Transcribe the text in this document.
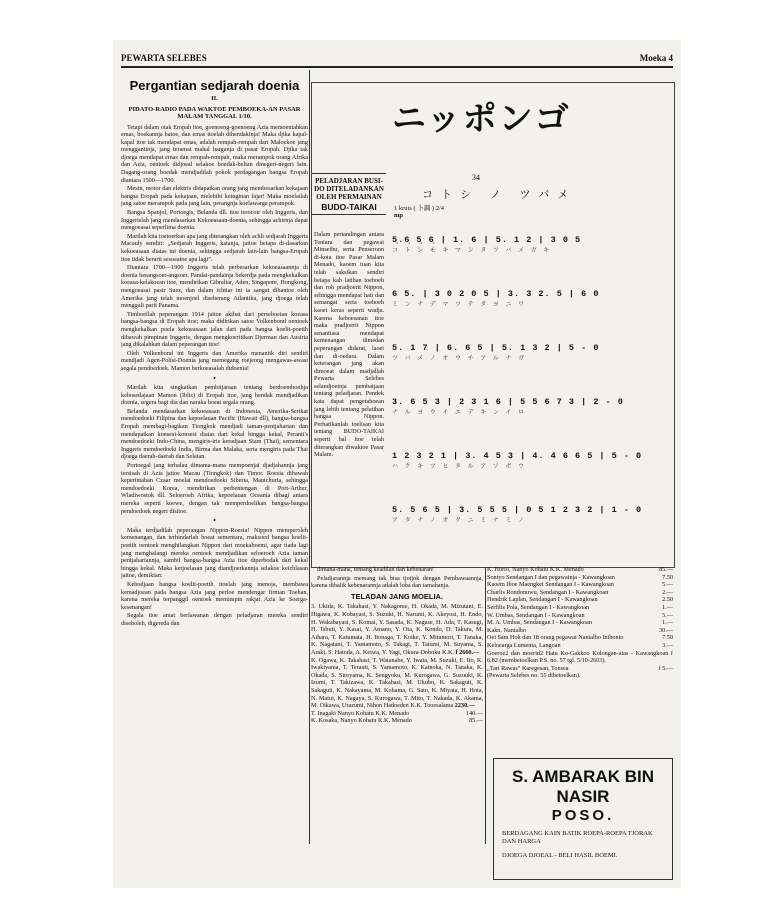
PEWARTA SELEBES	Moeka 4
Pergantian sedjarah doenia
II.
PIDATO-RADIO PADA WAKTOE PEMBOEKA-AN PASAR MALAM TANGGAL 1/10.

Tetapi dalam otak Eropah itoe, goenoeng-goenoeng Azia memoentahkan emas, boekannja batoe, dan emas itoelah dihendakinja! Maka djika kapal-kapal itoe tak mendapat emas, adalah rempah-rempah dari Maloekoe jang menggantinja, jang teramat mahal harganja di pasar Eropah. Djika tak djoega mendapat emas dan rempah-rempah, maka merampok orang Afrika dan Azia, oentoek didjoeal selakoe boedak-belian dinegeri-negeri lain. Dagang-orang boedak mendjadilah pokok perdagangan bangsa Eropah diantara 1500—1700.

Mesin, motor dan elektris didapatkan orang jang membesarkan kekajaan bangsa Eropah pada kekajaan, melebihi keinginan fajar! Maka moelailah jang satoe merampok pada jang lain, perangnja koelawarga perampok.

Bangsa Spanjol, Portoegis, Belanda dll. itoe terocoir oleh Inggeris, dan Inggerislah jang mendasarkan Kekoeasaan-doenia, sehingga achirnja dapat mengoeasai seperlima doenia.

Marilah kita toetoerkan apa jang diterangkan oleh achli sedjarah Inggeris Macauly sendiri: „Sedjarah Inggeris, katanja, jaitoe betapa di-dasarkan kekoeasaan diatas ini doenia, sehingga sedjarah lain-lain bangsa-Eropah itoe tidak berarti sesoeatoe apa lagi”.

Diantara 1700—1900 Inggeris telah perbesarkan kekoeasaannja di doenia berangsoer-angsoer. Pandai-pandainja bekerdja pada mengkekalkan koeasa-kelakoean itoe, mendirikan Gibraltar, Aden, Singapore, Hongkong, mengoeasai pasir Suez, dan dalam ichtiar ini ia sangat dibantoe oleh Amerika jang telah moenjoel diseberang Atlantika, jang djoega telah menggali parit Panama.

Timboellah peperangan 1914 jaitoe akibat dari perseboetan koeasa bangsa-bangsa di Eropah itoe; maka didirikan satoe Volkenbond oentoek mengkekalkan poela kekoeasaan jalan dari pada bangsa koelit-poetih dibawah pimpinan Inggeris, dengan mengkoeritikan Djerman dan Austria jang dikalahkan dalam peperangan itoe!

Oleh Volkenbond ini Inggeris dan Amerika menantik diri sendiri mendjadi Agen-Polisi-Doenia jang memegang roejeong mengawas-awasi segala pendoedoek. Mamon berkoeasalah didoenia!

•

Marilah kita singkatkan pembitjaraan tentang berdoembonhja kebosedajaan Mamon (Iblis) di Eropah itoe, jang hendak mendjadikan doenia, segera bagi dia dan naraka boeat segala orang.

Belanda mendasarkan kekoeasaan di Indonesia, Amerika-Serikat mendoedoeki Filipina dan kepoelauan Pacific (Hawaii dll), bangsa-bangsa Eropah membagi-bagikan Tiongkok mendjadi taman-pentjaharian dan mendapatkan konsesi-konsesi diatas dari kekal hingga kekal, Peranti's mendoedoeki Indo-China, mengiris-iris keradjaan Siam (Thai), sementara Inggeris mendoedoeki India, Birma dan Malaka, serta mengiris pada Thai djoega daerah-daerah dan Selatan.

Portoegal jang terhalau dimama-mana mempoenjai djadjahannja jang tersisah di Azia jaitoe Macau (Tiongkok) dan Timor. Roesia dibawah keperintahan Czaar moelai mendoedoeki Siberia, Mantchuria, sehingga mendoedoeki Korea, mendirikan perbentengan di Port-Arthur, Wladiwostok dll. Seloeroeh Afrika, kepoelauan Oceania dibagi antara mereka seperti koewe, dengan tak memperdoelikan bangsa-bangsa pendoedoek negeri disitoe.

•

Maka terdjadilah peperangan Nippon-Roesia! Nippon memperoleh kemenangan, dan terhindarlah boeat sementara, maksoed bangsa koelit-poetih oentoek menghilangkan Nippon dari moekaboemi, agar tiada lagi jang menghalangi mereka oentoek mendjadikan seloeroeh Azia taman pentjahariannja, sambil bangsa-bangsa Azia itoe diperbodak dari kekal hingga kekal. Maka ketjoelasan jang diandjoerkannja selakoe keichlasan jaitoe, demikian:

Kebodjaan bangsa koelit-poetih itoelah jang menoja, membawa kemadjoean pada bangsa Azia jang perloe mendengar firman Toehan, karena mereka terpanggil oentoek memimpin rakjat Azia ke Soerga-kesenangan!

Segala itoe amat berlawanan dengan peladjaran mereka sendiri diseboleh, digereda dan

ニッポンゴ
34
PELADJARAN BUSI-DO DITELADANKAN OLEH PERMAINAN
BUDO-TAIKAI
Dalam pertandingan antara Tentara dan pegawai Minseibu, serta Penseroon di-kota itoe Pasar Malam Menado, kaoem tuan kita telah saksikan sendiri betapa kah latihan toeboeh dan roh pradjoerit Nippon, sehingga mendapat hati dan semangat serta toeboeh kaoet keras seperti wadja. Karena keboesanan itoe maka pradjoerit Nippon senantiasa mendapat kemenangan dimedan peperangan didarat, laoet dan di-oedara. Dalam keterangan jang akan dimoeat dalam madjallah Pewarta Selebes selandjoetnja pembatjaan tentang peladjaran. Pendek kata dapat pengetahoean jang lebih tentang pelatihan bangsa Nippon. Perhatikanlah toelisan kita tentang BUDO-TAIKAI seperti hal itoe telah diterangkan diwaktoe Pasar Malam.
コトシ ノ ツバメ
1 kruis ( 卜調 ) 2/4
mp
5̣.6̣ 5̣ 6̣ | 1. 6 | 5. 1 2 | 3 0 5
コ ト シ モ キ マ シ タ ツ バ メ ガ キ
6 5. | 3 0 2 0 5 | 3. 3 2. 5 | 6 0
ミ ン ナ デ マ ツ テ タ ヨ ニ ワ
5. 1 7 | 6. 6 5 | 5. 1 3 2 | 5 - 0
ツ バ メ ノ オ ウ チ ア ル ナ ガ
3. 6 5 3 | 2 3 1 6 | 5 5 6 7 3 | 2 - 0
ナ ル ヨ ウ イ エ デ キ ン イ ロ
1 2 3 2 1 | 3. 4 5 3 | 4. 4 6 6 5 | 5 - 0
ハ ク キ ツ ヒ タ ル ア ソ ボ ウ
5. 5 6 5 | 3. 5 5 5 | 0 5 1 2 3 2 | 1 - 0
ア タ ナ ノ オ ク ニ ミ ナ ミ ノ

dimana-mana, tentang keadilan dan kebenaran!

Peladjarannja memang tak bisa tjotjok dengan Pembawaannja, karena dibalik kebenarannja adalah loba dan tamahanja.

TELADAN JANG MOELIA.
3. Ukida, K. Takahasi, Y. Nakagome, H. Okada, M. Mizutani, E. Higawa, K. Kobayasi, S. Suzuki, H. Narumi, K. Akeyosi, H. Endo, H. Wakabayasi, S. Komai, Y. Sasada, K. Nagase, H. Ada, T. Kasugi, H. Tsbuti, Y. Kasai, Y. Amano, Y. Ota, K. Kondo, D. Takura, M. Aihara, T. Katumata, H. Itonaga, T. Koike, Y. Mitumori, T. Tanaka, K. Nagatani, T. Yamamoto, S. Takagi, T. Tatumi, M. Suyama, S. Araki, S. Hatoda, A. Keiwa, Y. Yagi, Okura-Doboku K.K. f 2660.—
K. Ogawa, K. Takahasi, T. Watanabe, Y. Iwata, M. Suzuki, E. Ito, K. Iwakiyama, T. Terauti, S. Yamamoto, K. Katnoka, N. Tanaka, K. Okada, S. Siroyama, K. Sengyoku, M. Kurogawa, G. Suzuuki, K. Izumi, T. Takizawa, K. Takahasi, M. Ukubo, K. Sakaguti, K. Sakaguti, K. Nakayama, M. Kohama, G. Sato, K. Miyata, H. Hota, N. Matui, K. Nagaya, S. Kurogawa, T. Mito, T. Nakada, K. Akama, M. Oikawa, Urazumi, Nihon Hadoeden K.K. Tooesalama 2230.—
T. Inagaki Nanyo Kohatu K.K. Menado	140.—
K. Kosaka, Nanyo Kohatu K.K. Menado	85.—
K. Horio, Nanyo Kohatu K.K. Menado	85.—
Sontyo Sendangan I dan pegawainja - Kawangkoan	7.50
Kaoem Iboe Maengket Sendangan I - Kawangkoan	5.—
Charlis Rondonuwu, Sendangan I - Kawangkoan	2.—
Hendrik Laplan, Sendangan I - Kawangkoan	2.50
Serfilis Pola, Sendangan I - Kawangkoan	1.—
W. Umbas, Sendangan I - Kawangkoan	5.—
M. A. Umbas, Sendangan I - Kawangkoan	1.—
Kakn. Nantalbo	30.—
Oei Sam Hok dan 18 orang pegawai Nantalbo Inibonto	7.50
Keloearga Lumenta, Langoan	3.—
Goeroe2 dan moerid2 Hatu Ko-Gakkoo Kolongan-atas - Kawangkoan f 6.82 (membetoelkan P.S. no. 57 tgl. 5/10-2603).
„Tari Rawas” Karegesan, Tonsea	f 5.—
(Pewarta Selebes no. 55 dibetoelkan).
S. AMBARAK BIN NASIR
POSO.
BERDAGANG KAIN BATIK ROEPA-ROEPA TJORAK DAN HARGA
DJOEGA DJOEAL - BELI HASIL BOEMI.
